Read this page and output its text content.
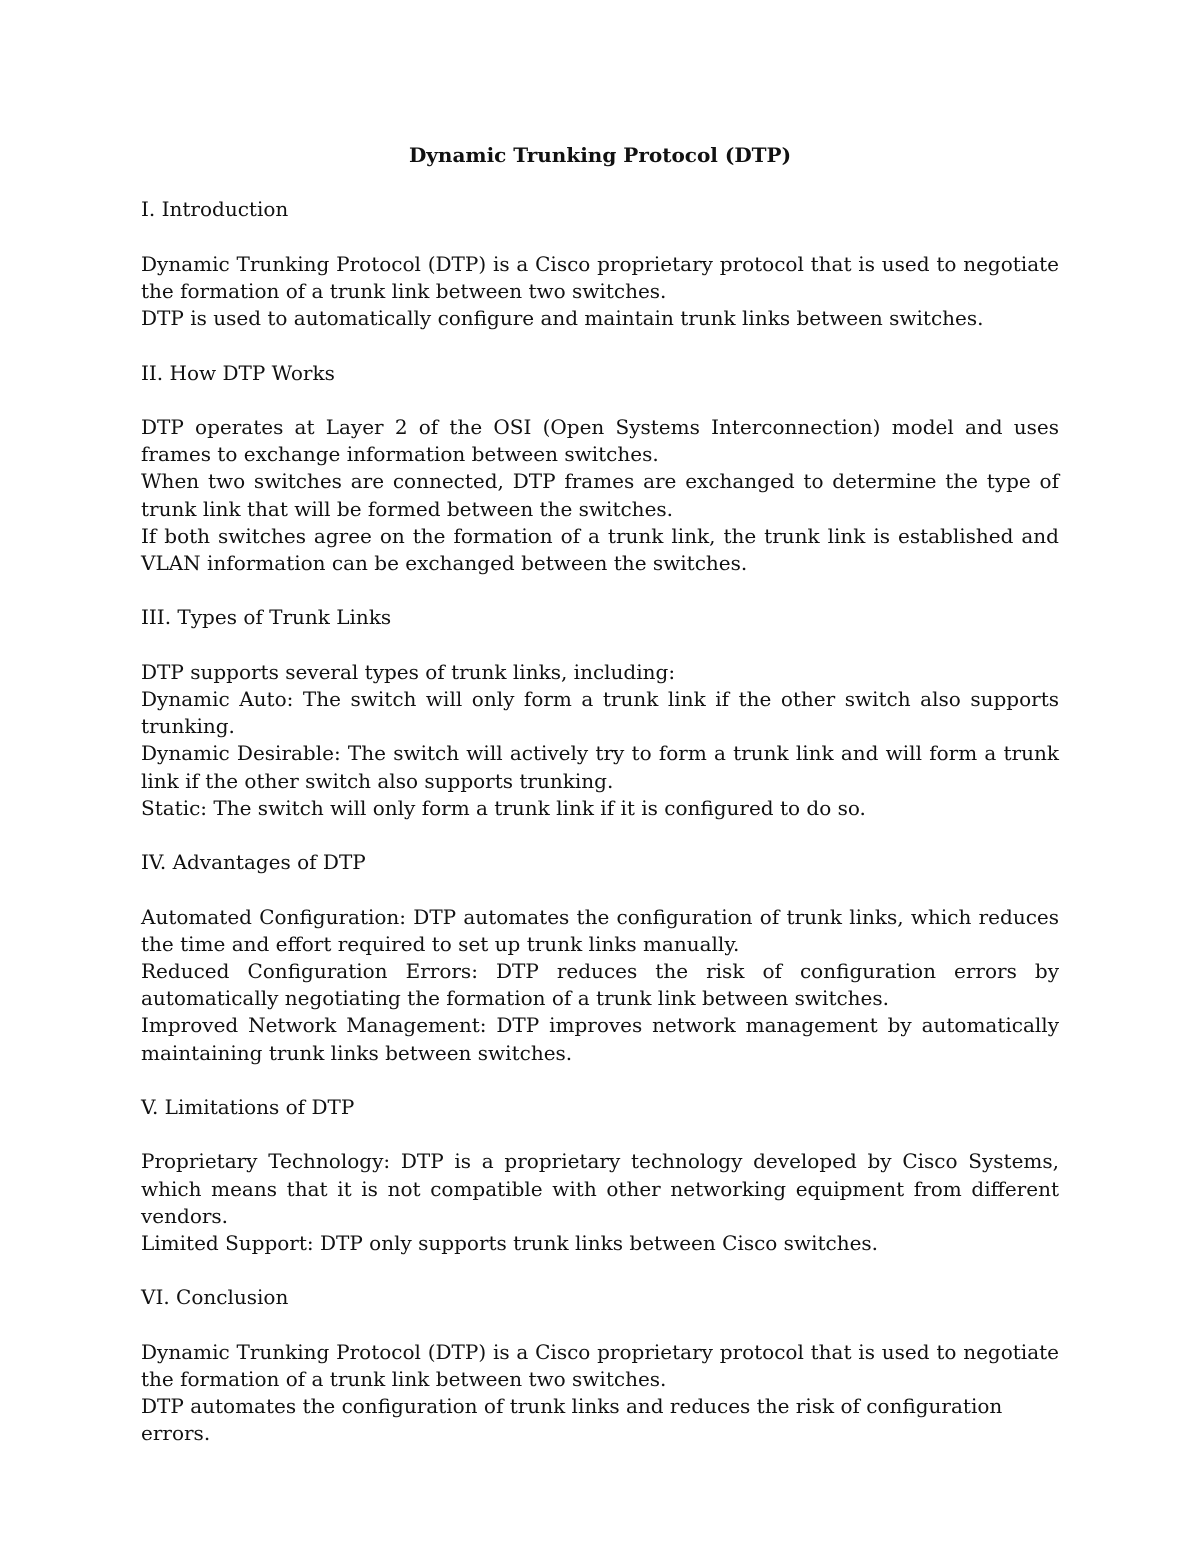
Dynamic Trunking Protocol (DTP)
I. Introduction

Dynamic Trunking Protocol (DTP) is a Cisco proprietary protocol that is used to negotiate the formation of a trunk link between two switches.

DTP is used to automatically configure and maintain trunk links between switches.

II. How DTP Works

DTP operates at Layer 2 of the OSI (Open Systems Interconnection) model and uses frames to exchange information between switches.

When two switches are connected, DTP frames are exchanged to determine the type of trunk link that will be formed between the switches.

If both switches agree on the formation of a trunk link, the trunk link is established and VLAN information can be exchanged between the switches.

III. Types of Trunk Links

DTP supports several types of trunk links, including:

Dynamic Auto: The switch will only form a trunk link if the other switch also supports trunking.

Dynamic Desirable: The switch will actively try to form a trunk link and will form a trunk link if the other switch also supports trunking.

Static: The switch will only form a trunk link if it is configured to do so.

IV. Advantages of DTP

Automated Configuration: DTP automates the configuration of trunk links, which reduces the time and effort required to set up trunk links manually.

Reduced Configuration Errors: DTP reduces the risk of configuration errors by automatically negotiating the formation of a trunk link between switches.

Improved Network Management: DTP improves network management by automatically maintaining trunk links between switches.

V. Limitations of DTP

Proprietary Technology: DTP is a proprietary technology developed by Cisco Systems, which means that it is not compatible with other networking equipment from different vendors.

Limited Support: DTP only supports trunk links between Cisco switches.

VI. Conclusion

Dynamic Trunking Protocol (DTP) is a Cisco proprietary protocol that is used to negotiate the formation of a trunk link between two switches.

DTP automates the configuration of trunk links and reduces the risk of configuration errors.
